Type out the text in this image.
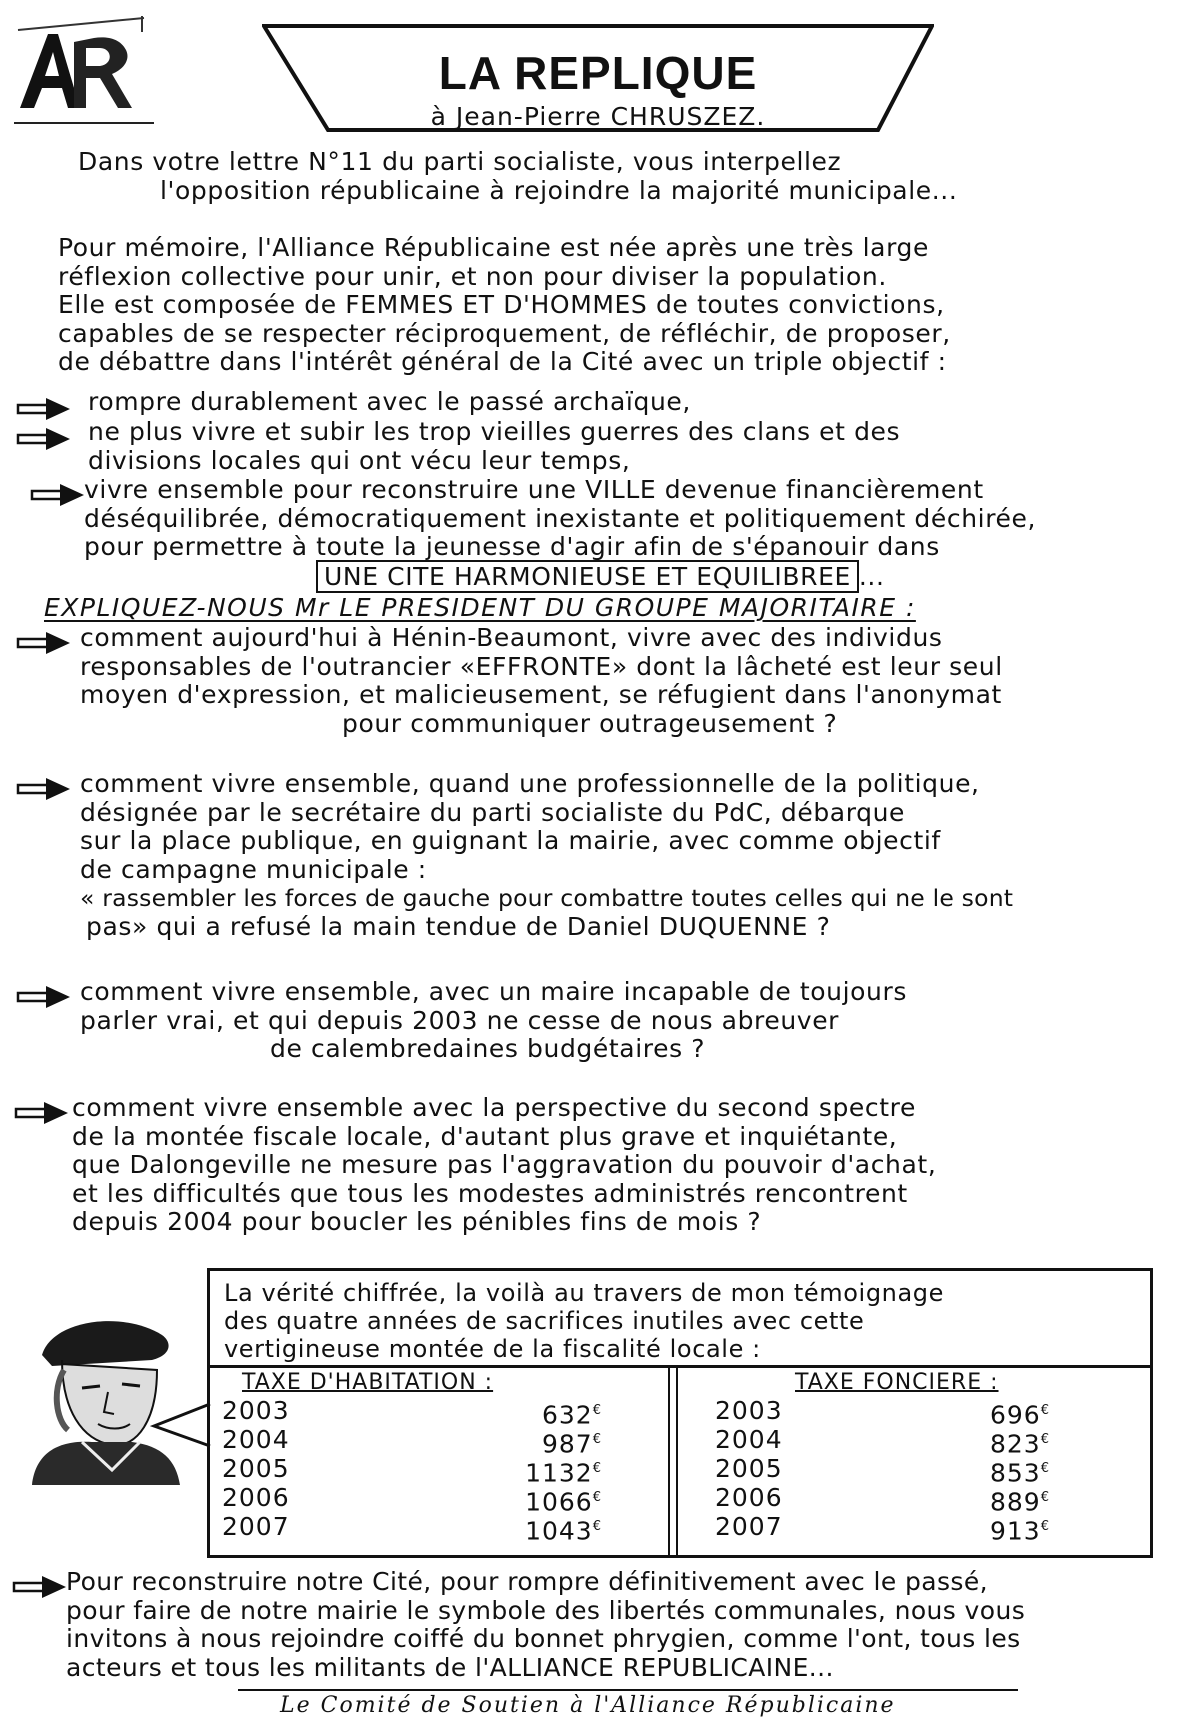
LA REPLIQUE
à Jean-Pierre CHRUSZEZ.
Dans votre lettre N°11 du parti socialiste, vous interpellez
l'opposition républicaine à rejoindre la majorité municipale...
Pour mémoire, l'Alliance Républicaine est née après une très large
réflexion collective pour unir, et non pour diviser la population.
Elle est composée de FEMMES ET D'HOMMES de toutes convictions,
capables de se respecter réciproquement, de réfléchir, de proposer,
de débattre dans l'intérêt général de la Cité avec un triple objectif :
rompre durablement avec le passé archaïque,
ne plus vivre et subir les trop vieilles guerres des clans et des
divisions locales qui ont vécu leur temps,
vivre ensemble pour reconstruire une VILLE devenue financièrement
déséquilibrée, démocratiquement inexistante et politiquement déchirée,
pour permettre à toute la jeunesse d'agir afin de s'épanouir dans
UNE CITE HARMONIEUSE ET EQUILIBREE ...
EXPLIQUEZ-NOUS Mr LE PRESIDENT DU GROUPE MAJORITAIRE :
comment aujourd'hui à Hénin-Beaumont, vivre avec des individus
responsables de l'outrancier «EFFRONTE» dont la lâcheté est leur seul
moyen d'expression, et malicieusement, se réfugient dans l'anonymat
pour communiquer outrageusement ?
comment vivre ensemble, quand une professionnelle de la politique,
désignée par le secrétaire du parti socialiste du PdC, débarque
sur la place publique, en guignant la mairie, avec comme objectif
de campagne municipale :
« rassembler les forces de gauche pour combattre toutes celles qui ne le sont
pas» qui a refusé la main tendue de Daniel DUQUENNE ?
comment vivre ensemble, avec un maire incapable de toujours
parler vrai, et qui depuis 2003 ne cesse de nous abreuver
de calembredaines budgétaires ?
comment vivre ensemble avec la perspective du second spectre
de la montée fiscale locale, d'autant plus grave et inquiétante,
que Dalongeville ne mesure pas l'aggravation du pouvoir d'achat,
et les difficultés que tous les modestes administrés rencontrent
depuis 2004 pour boucler les pénibles fins de mois ?
La vérité chiffrée, la voilà au travers de mon témoignage
des quatre années de sacrifices inutiles avec cette
vertigineuse montée de la fiscalité locale :
TAXE D'HABITATION :
2003	632€
2004	987€
2005	1132€
2006	1066€
2007	1043€
TAXE FONCIERE :
2003	696€
2004	823€
2005	853€
2006	889€
2007	913€
Pour reconstruire notre Cité, pour rompre définitivement avec le passé,
pour faire de notre mairie le symbole des libertés communales, nous vous
invitons à nous rejoindre coiffé du bonnet phrygien, comme l'ont, tous les
acteurs et tous les militants de l'ALLIANCE REPUBLICAINE...
Le Comité de Soutien à l'Alliance Républicaine
